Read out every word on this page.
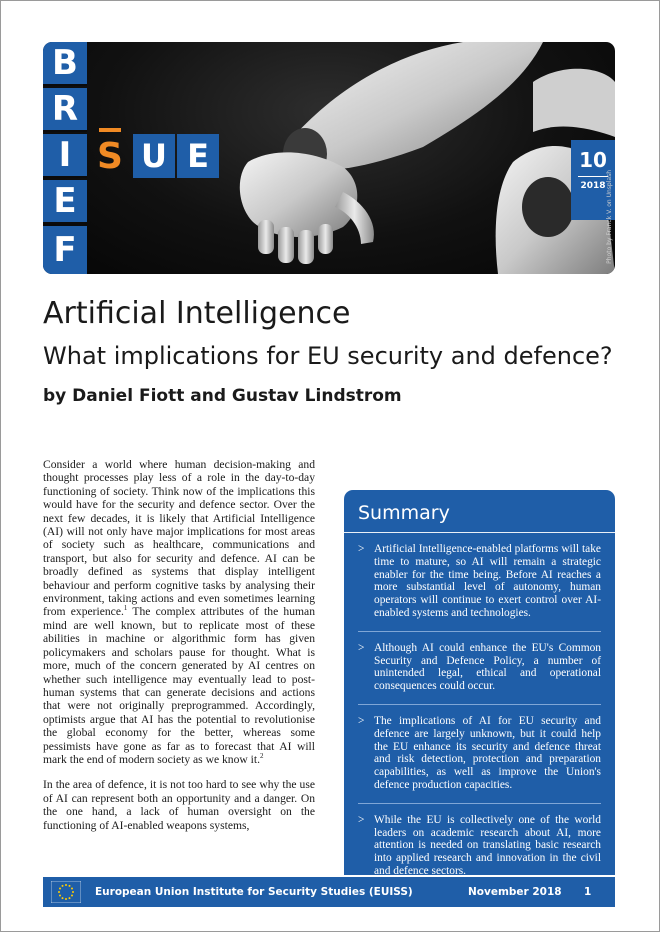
B
R
I
E
F
S U E	10
2018 Photo by Franck V. on Unsplash
Artificial Intelligence
What implications for EU security and defence?
by Daniel Fiott and Gustav Lindstrom

Consider a world where human decision-making and thought processes play less of a role in the day-to-day functioning of society. Think now of the implications this would have for the security and defence sector. Over the next few decades, it is likely that Artificial Intelligence (AI) will not only have major implications for most areas of society such as healthcare, communications and transport, but also for security and defence. AI can be broadly defined as systems that display intelligent behaviour and perform cognitive tasks by analysing their environment, taking actions and even sometimes learning from experience.$^1$ The complex attributes of the human mind are well known, but to replicate most of these abilities in machine or algorithmic form has given policymakers and scholars pause for thought. What is more, much of the concern generated by AI centres on whether such intelligence may eventually lead to post-human systems that can generate decisions and actions that were not originally preprogrammed. Accordingly, optimists argue that AI has the potential to revolutionise the global economy for the better, whereas some pessimists have gone as far as to forecast that AI will mark the end of modern society as we know it.$^2$

In the area of defence, it is not too hard to see why the use of AI can represent both an opportunity and a danger. On the one hand, a lack of human oversight on the functioning of AI-enabled weapons systems,

Summary
> Artificial Intelligence-enabled platforms will take time to mature, so AI will remain a strategic enabler for the time being. Before AI reaches a more substantial level of autonomy, human operators will continue to exert control over AI-enabled systems and technologies.
> Although AI could enhance the EU's Common Security and Defence Policy, a number of unintended legal, ethical and operational consequences could occur.
> The implications of AI for EU security and defence are largely unknown, but it could help the EU enhance its security and defence threat and risk detection, protection and preparation capabilities, as well as improve the Union's defence production capacities.
> While the EU is collectively one of the world leaders on academic research about AI, more attention is needed on translating basic research into applied research and innovation in the civil and defence sectors.
European Union Institute for Security Studies (EUISS)	November 2018 1
